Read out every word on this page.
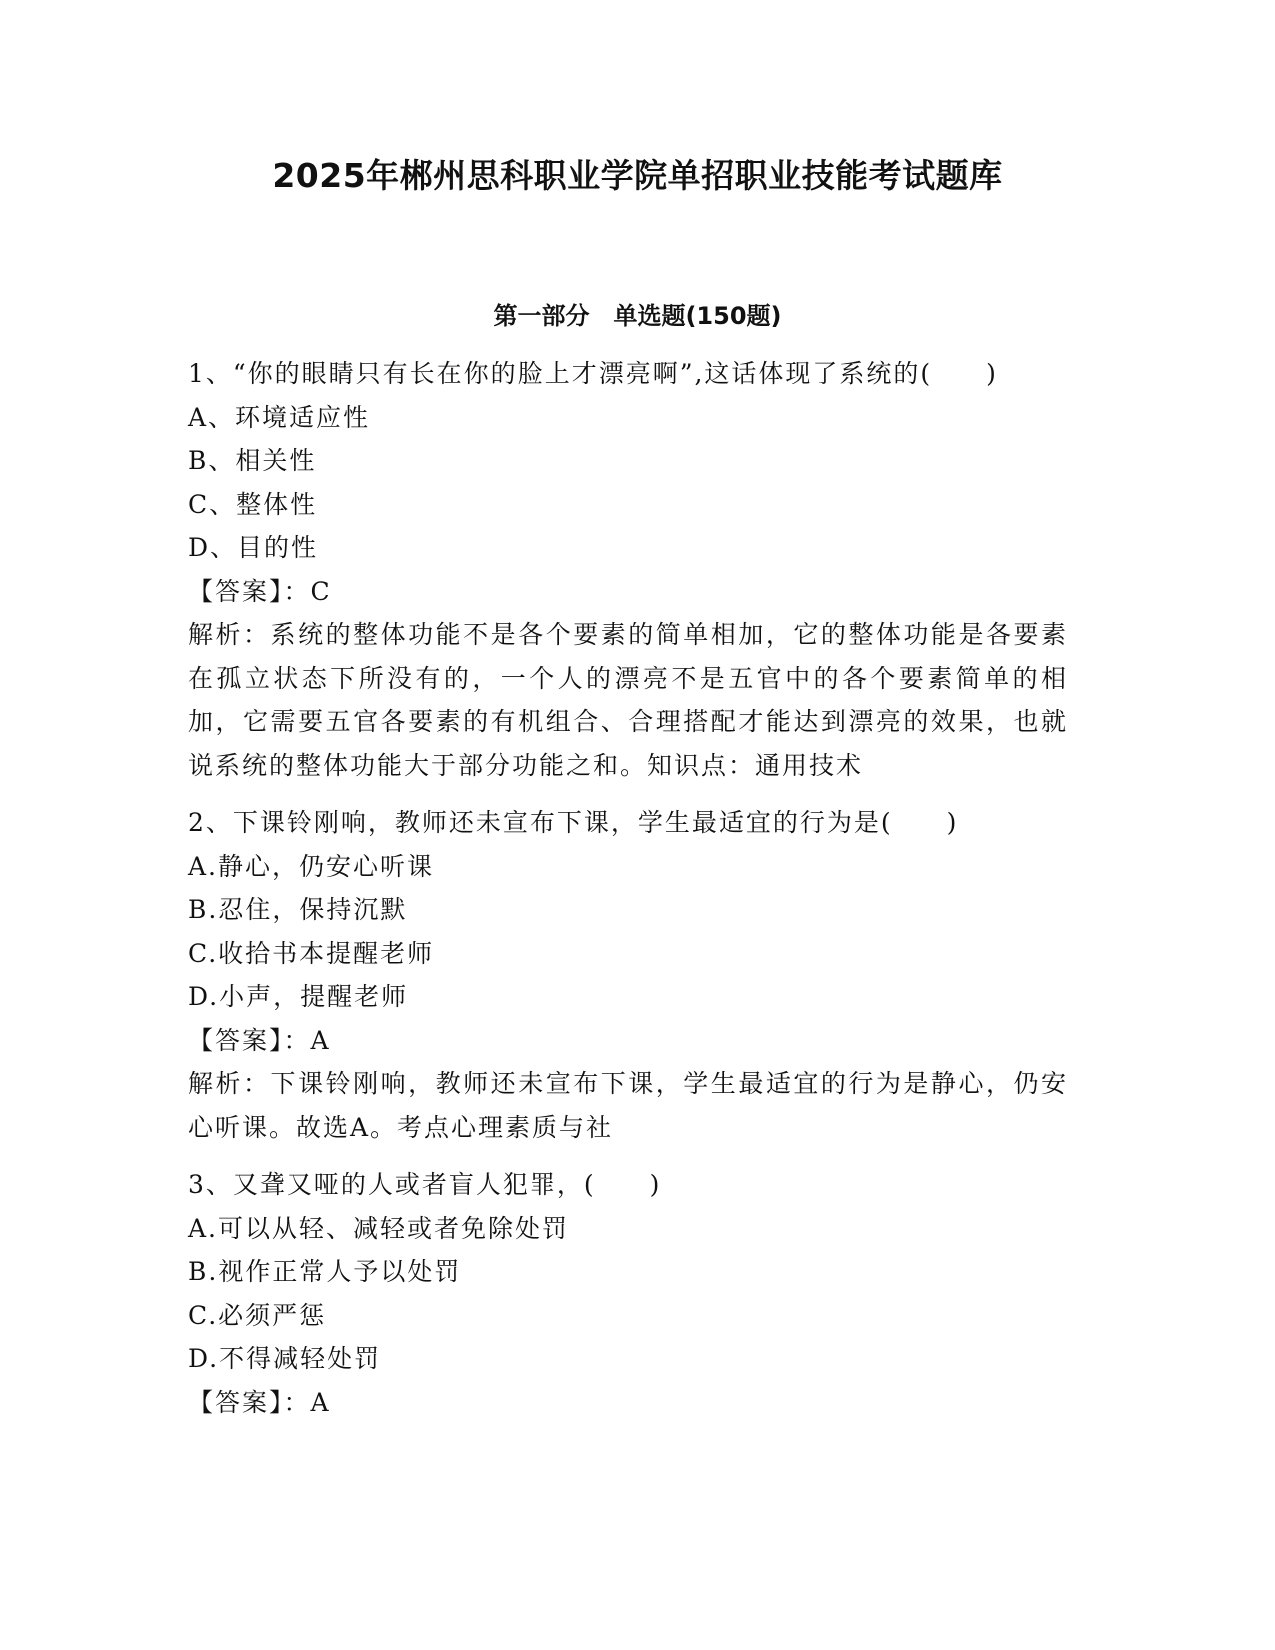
2025年郴州思科职业学院单招职业技能考试题库
第一部分　单选题(150题)

1、“你的眼睛只有长在你的脸上才漂亮啊”,这话体现了系统的(　　)

A、环境适应性

B、相关性

C、整体性

D、目的性

【答案】：C

解析：系统的整体功能不是各个要素的简单相加，它的整体功能是各要素在孤立状态下所没有的，一个人的漂亮不是五官中的各个要素简单的相加，它需要五官各要素的有机组合、合理搭配才能达到漂亮的效果，也就说系统的整体功能大于部分功能之和。知识点：通用技术

2、下课铃刚响，教师还未宣布下课，学生最适宜的行为是(　　)

A.静心，仍安心听课

B.忍住，保持沉默

C.收拾书本提醒老师

D.小声，提醒老师

【答案】：A

解析：下课铃刚响，教师还未宣布下课，学生最适宜的行为是静心，仍安心听课。故选A。考点心理素质与社

3、又聋又哑的人或者盲人犯罪，(　　)

A.可以从轻、减轻或者免除处罚

B.视作正常人予以处罚

C.必须严惩

D.不得减轻处罚

【答案】：A
